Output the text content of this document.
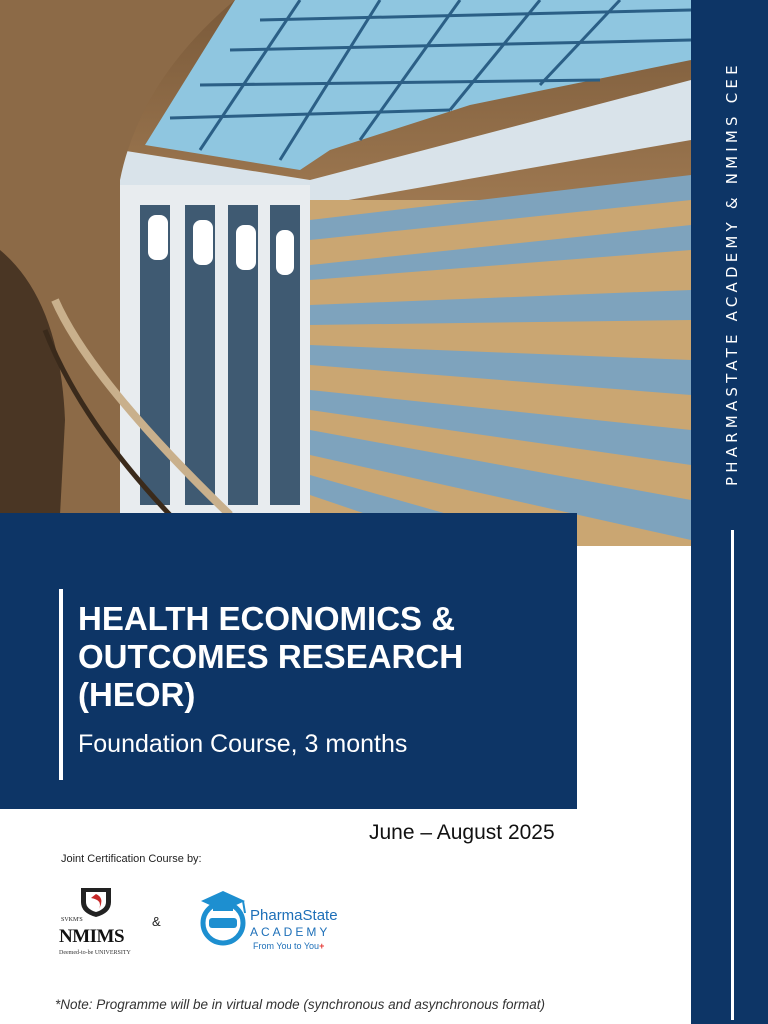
PHARMASTATE ACADEMY & NMIMS CEE
HEALTH ECONOMICS & OUTCOMES RESEARCH (HEOR)
Foundation Course, 3 months
June – August 2025
Joint Certification Course by:
SVKM'S
NMIMS
Deemed-to-be UNIVERSITY
&	PharmaState
ACADEMY
From You to You+
*Note: Programme will be in virtual mode (synchronous and asynchronous format)
